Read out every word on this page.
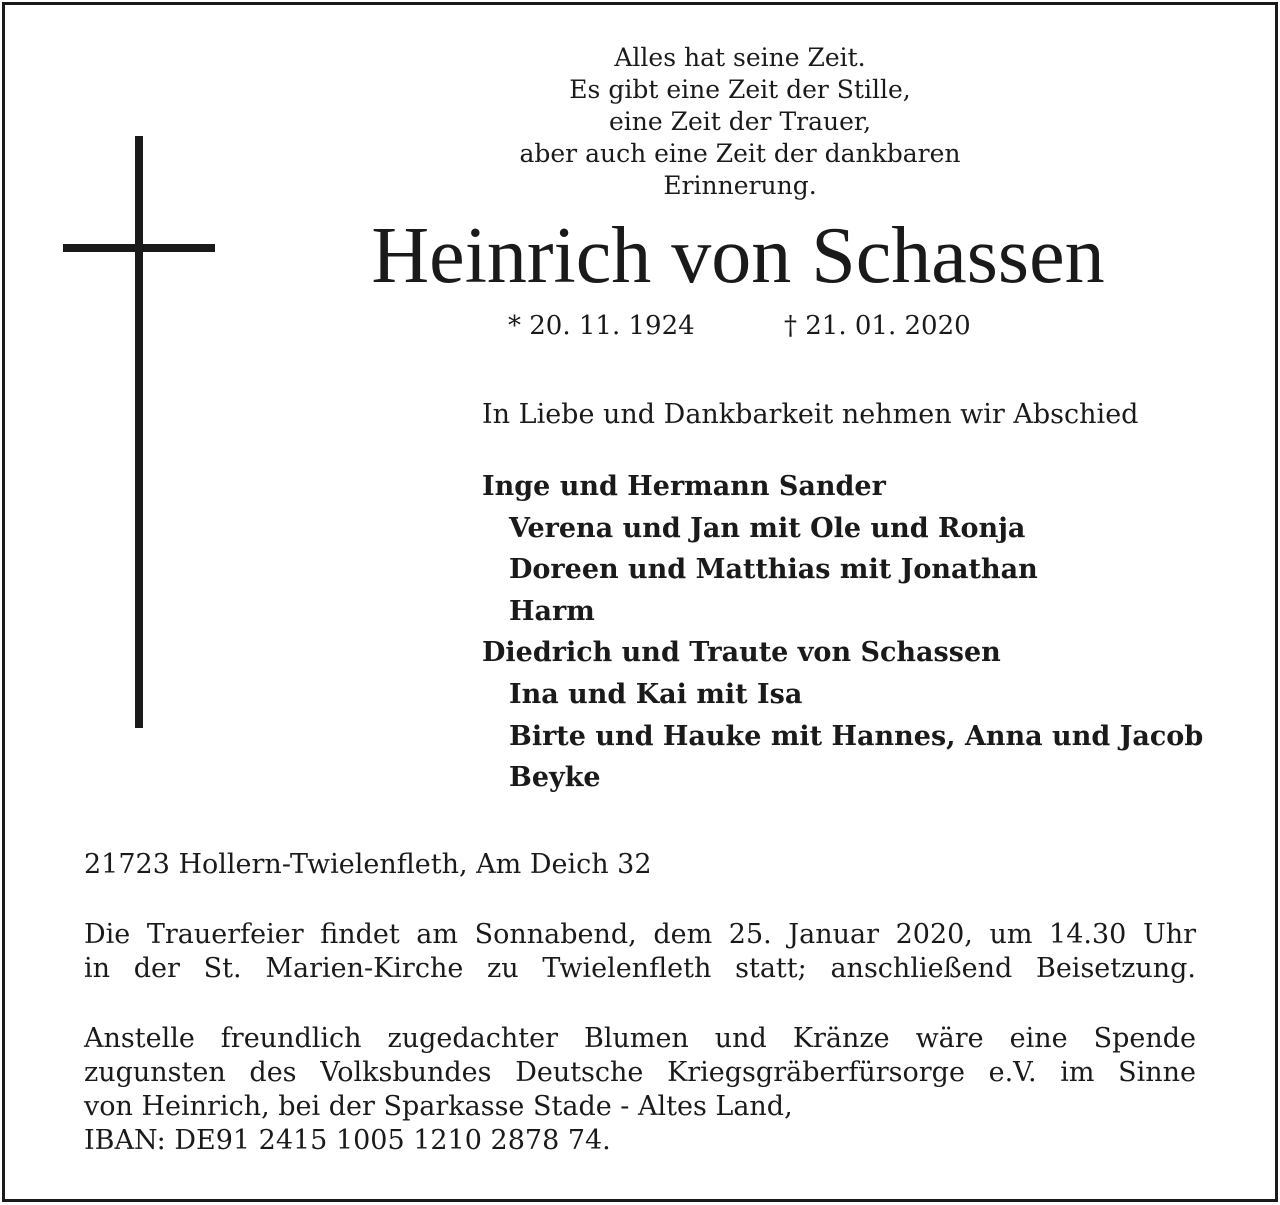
Alles hat seine Zeit.
Es gibt eine Zeit der Stille,
eine Zeit der Trauer,
aber auch eine Zeit der dankbaren
Erinnerung.
Heinrich von Schassen
* 20. 11. 1924	† 21. 01. 2020
In Liebe und Dankbarkeit nehmen wir Abschied
Inge und Hermann Sander
Verena und Jan mit Ole und Ronja
Doreen und Matthias mit Jonathan
Harm
Diedrich und Traute von Schassen
Ina und Kai mit Isa
Birte und Hauke mit Hannes, Anna und Jacob
Beyke
21723 Hollern-Twielenfleth, Am Deich 32
Die Trauerfeier findet am Sonnabend, dem 25. Januar 2020, um 14.30 Uhr
in der St. Marien-Kirche zu Twielenfleth statt; anschließend Beisetzung.
Anstelle freundlich zugedachter Blumen und Kränze wäre eine Spende
zugunsten des Volksbundes Deutsche Kriegsgräberfürsorge e.V. im Sinne
von Heinrich, bei der Sparkasse Stade - Altes Land,
IBAN: DE91 2415 1005 1210 2878 74.
